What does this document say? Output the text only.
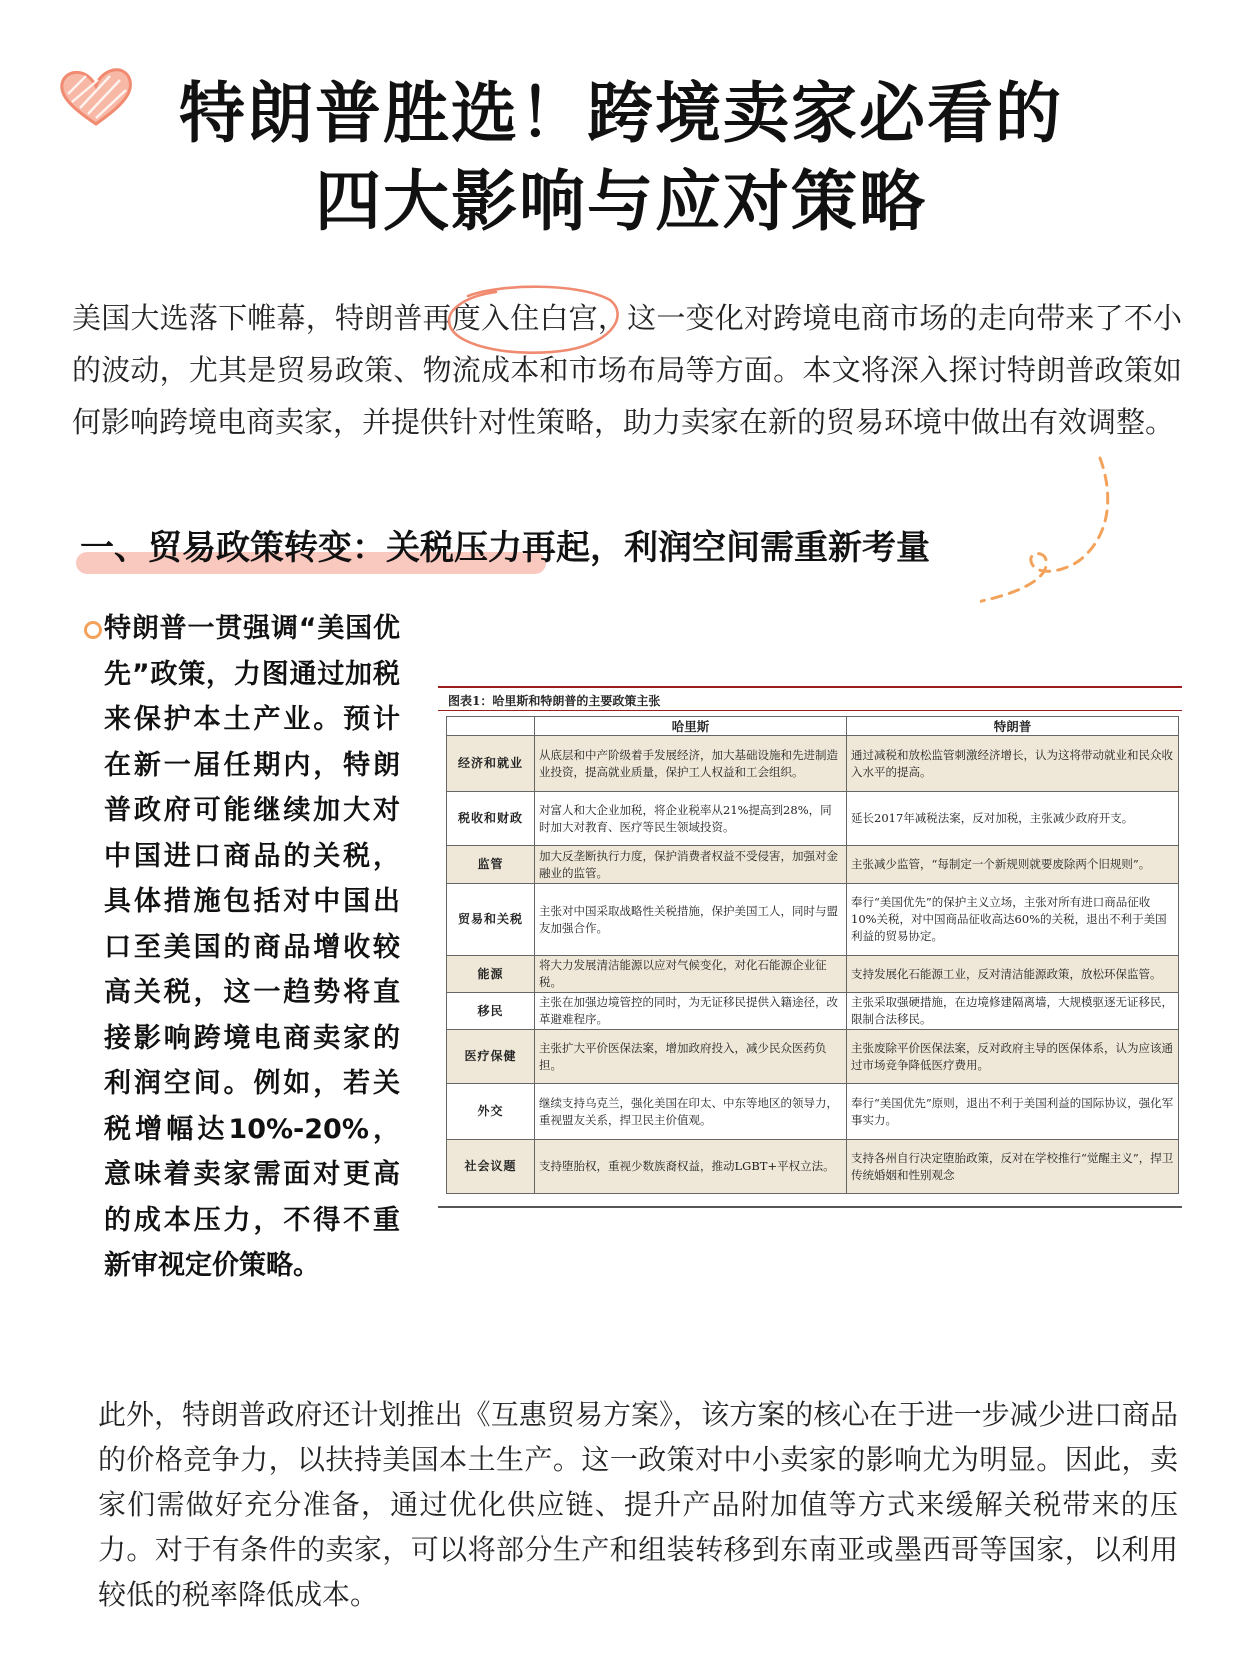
特朗普胜选！跨境卖家必看的
四大影响与应对策略
美国大选落下帷幕，特朗普再度入住白宫，这一变化对跨境电商市场的走向带来了不小的波动，尤其是贸易政策、物流成本和市场布局等方面。本文将深入探讨特朗普政策如何影响跨境电商卖家，并提供针对性策略，助力卖家在新的贸易环境中做出有效调整。
一、贸易政策转变：关税压力再起，利润空间需重新考量
特朗普一贯强调“美国优先”政策，力图通过加税来保护本土产业。预计在新一届任期内，特朗普政府可能继续加大对中国进口商品的关税，具体措施包括对中国出口至美国的商品增收较高关税，这一趋势将直接影响跨境电商卖家的利润空间。例如，若关税增幅达10%-20%，意味着卖家需面对更高的成本压力，不得不重新审视定价策略。
图表1：哈里斯和特朗普的主要政策主张
	哈里斯	特朗普
经济和就业	从底层和中产阶级着手发展经济，加大基础设施和先进制造业投资，提高就业质量，保护工人权益和工会组织。	通过减税和放松监管刺激经济增长，认为这将带动就业和民众收入水平的提高。
税收和财政	对富人和大企业加税，将企业税率从21%提高到28%，同时加大对教育、医疗等民生领域投资。	延长2017年减税法案，反对加税，主张减少政府开支。
监管	加大反垄断执行力度，保护消费者权益不受侵害，加强对金融业的监管。	主张减少监管，“每制定一个新规则就要废除两个旧规则”。
贸易和关税	主张对中国采取战略性关税措施，保护美国工人，同时与盟友加强合作。	奉行“美国优先”的保护主义立场，主张对所有进口商品征收10%关税，对中国商品征收高达60%的关税，退出不利于美国利益的贸易协定。
能源	将大力发展清洁能源以应对气候变化，对化石能源企业征税。	支持发展化石能源工业，反对清洁能源政策，放松环保监管。
移民	主张在加强边境管控的同时，为无证移民提供入籍途径，改革避难程序。	主张采取强硬措施，在边境修建隔离墙，大规模驱逐无证移民，限制合法移民。
医疗保健	主张扩大平价医保法案，增加政府投入，减少民众医药负担。	主张废除平价医保法案，反对政府主导的医保体系，认为应该通过市场竞争降低医疗费用。
外交	继续支持乌克兰，强化美国在印太、中东等地区的领导力，重视盟友关系，捍卫民主价值观。	奉行“美国优先”原则，退出不利于美国利益的国际协议，强化军事实力。
社会议题	支持堕胎权，重视少数族裔权益，推动LGBT+平权立法。	支持各州自行决定堕胎政策，反对在学校推行“觉醒主义”，捍卫传统婚姻和性别观念
此外，特朗普政府还计划推出《互惠贸易方案》，该方案的核心在于进一步减少进口商品的价格竞争力，以扶持美国本土生产。这一政策对中小卖家的影响尤为明显。因此，卖家们需做好充分准备，通过优化供应链、提升产品附加值等方式来缓解关税带来的压力。对于有条件的卖家，可以将部分生产和组装转移到东南亚或墨西哥等国家，以利用较低的税率降低成本。
